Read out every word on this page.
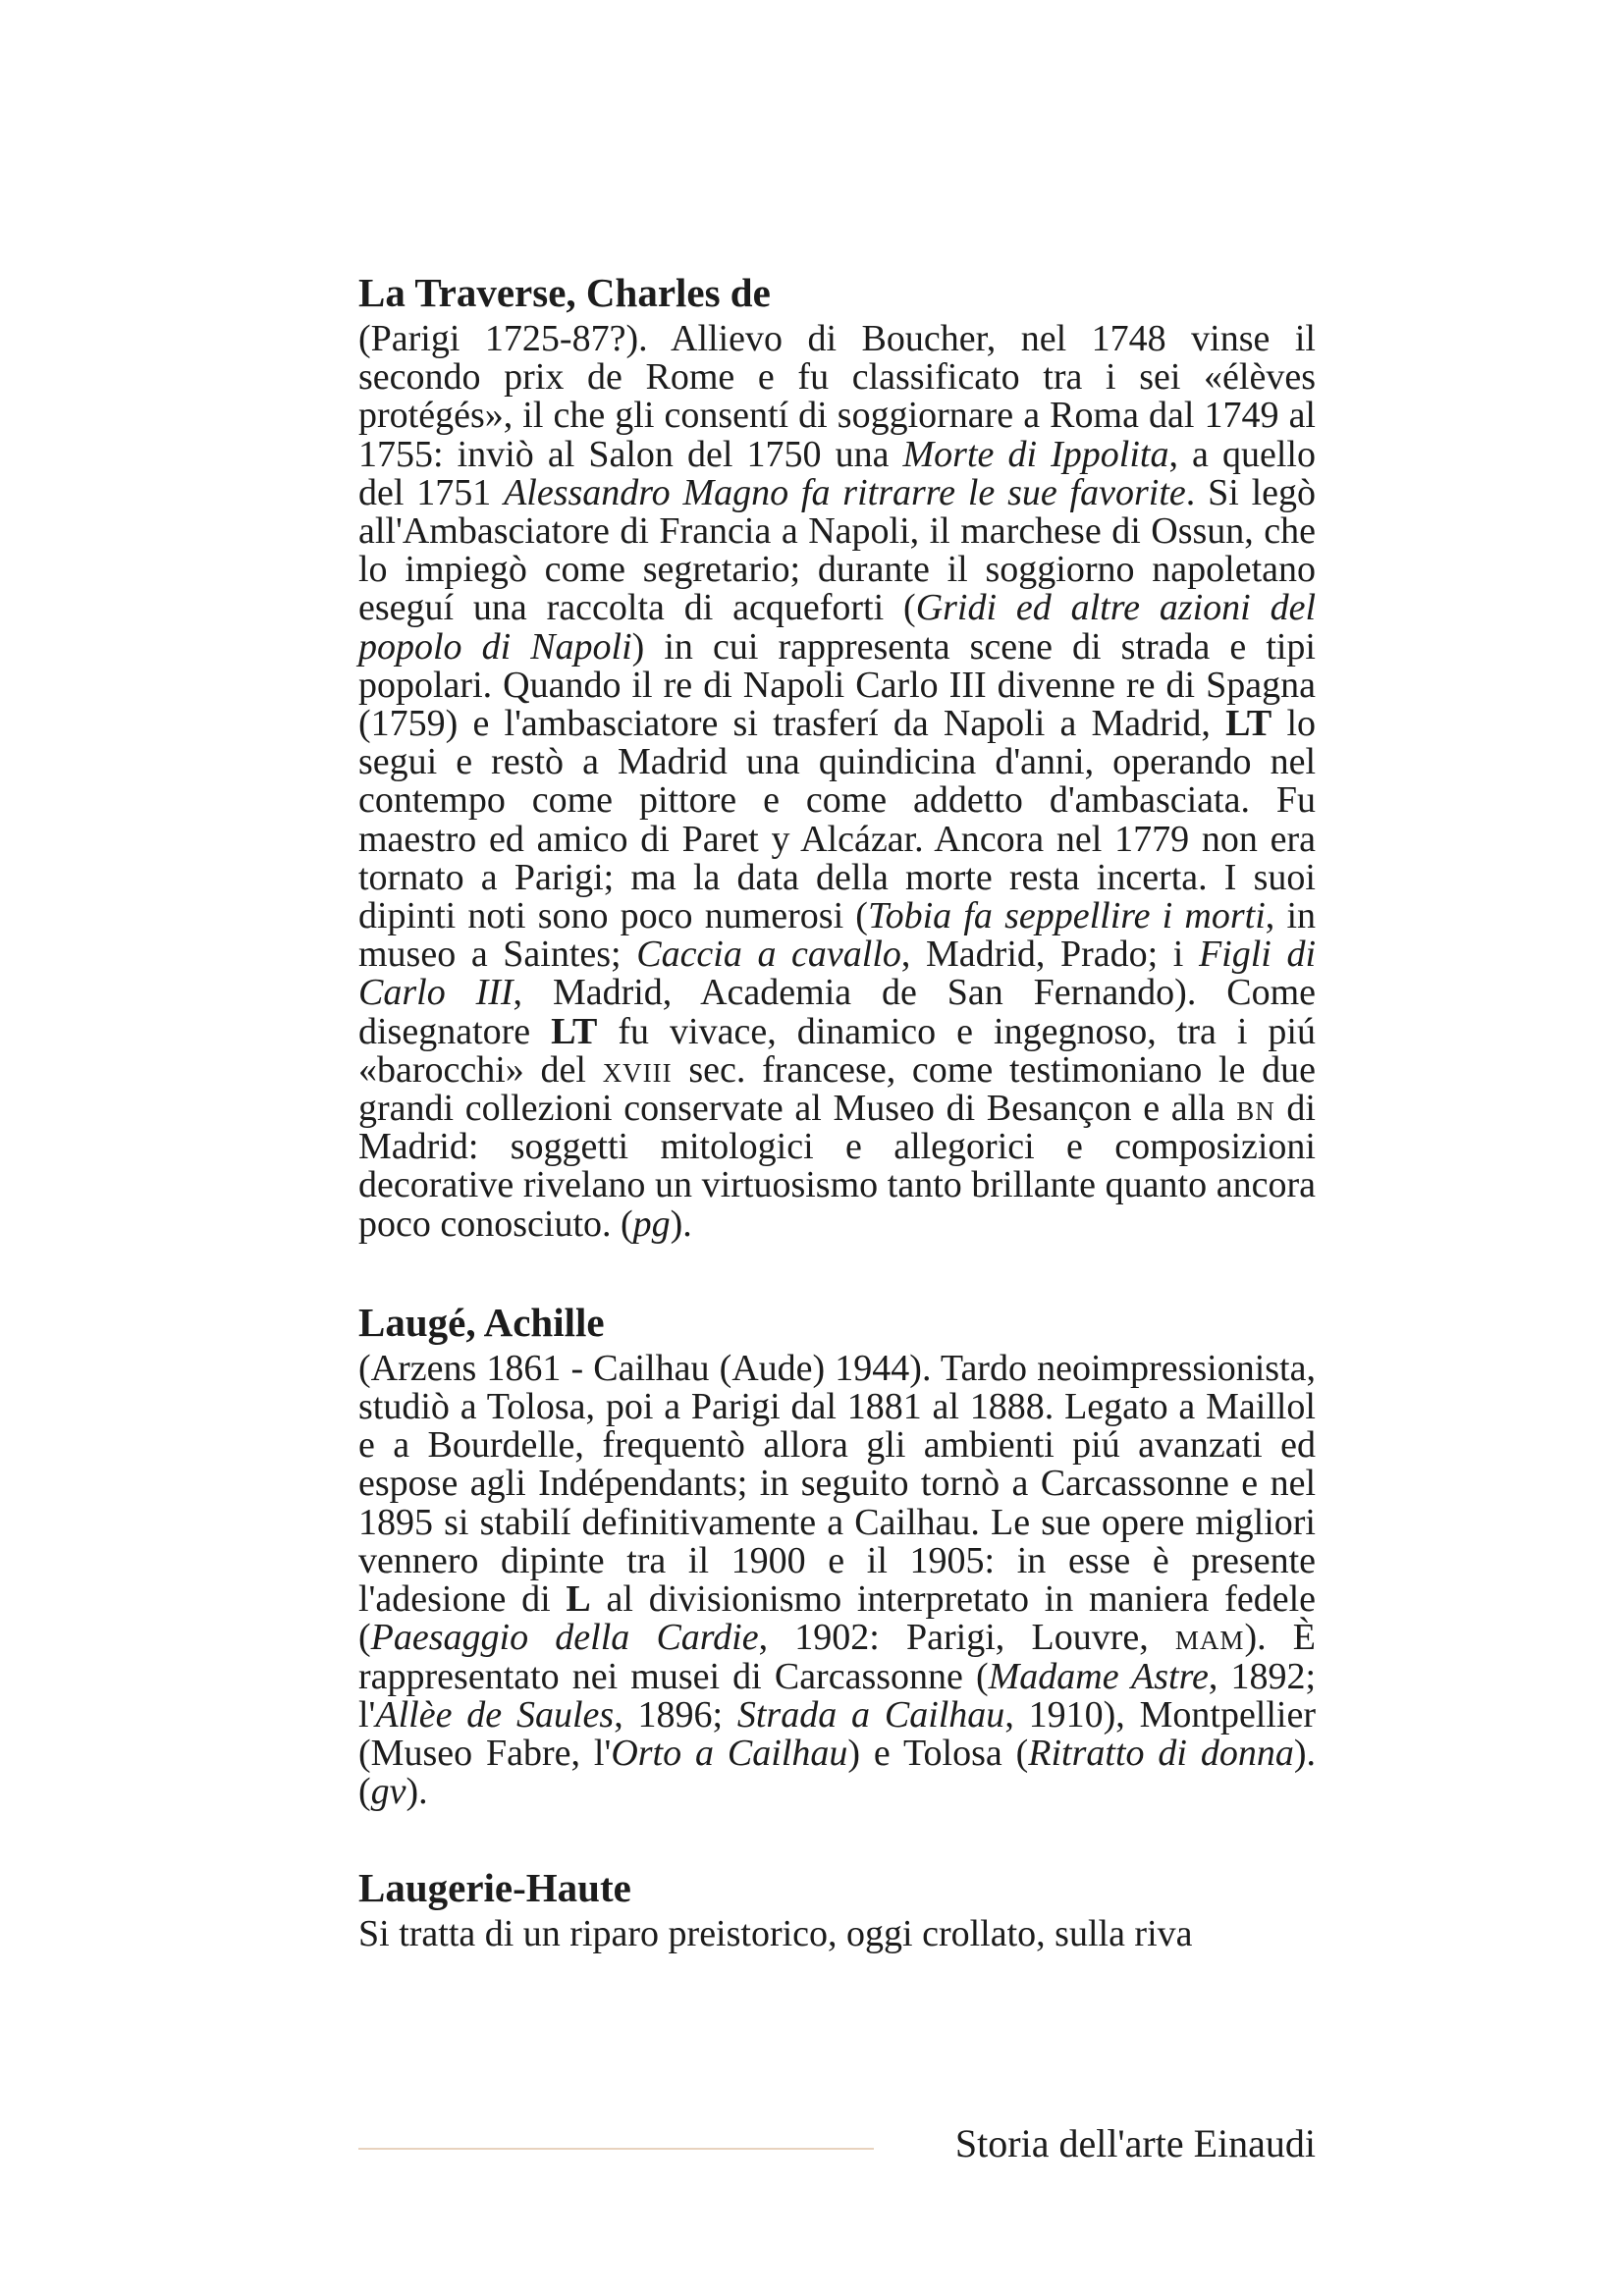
La Traverse, Charles de

(Parigi 1725-87?). Allievo di Boucher, nel 1748 vinse il secondo prix de Rome e fu classificato tra i sei «élèves protégés», il che gli consentí di soggiornare a Roma dal 1749 al 1755: inviò al Salon del 1750 una Morte di Ippolita, a quello del 1751 Alessandro Magno fa ritrarre le sue favorite. Si legò all'Ambasciatore di Francia a Napoli, il marchese di Ossun, che lo impiegò come segretario; durante il soggiorno napoletano eseguí una raccolta di acqueforti (Gridi ed altre azioni del popolo di Napoli) in cui rappresenta scene di strada e tipi popolari. Quando il re di Napoli Carlo III divenne re di Spagna (1759) e l'ambasciatore si trasferí da Napoli a Madrid, LT lo segui e restò a Madrid una quindicina d'anni, operando nel contempo come pittore e come addetto d'ambasciata. Fu maestro ed amico di Paret y Alcázar. Ancora nel 1779 non era tornato a Parigi; ma la data della morte resta incerta. I suoi dipinti noti sono poco numerosi (Tobia fa seppellire i morti, in museo a Saintes; Caccia a cavallo, Madrid, Prado; i Figli di Carlo III, Madrid, Academia de San Fernando). Come disegnatore LT fu vivace, dinamico e ingegnoso, tra i piú «barocchi» del xviii sec. francese, come testimoniano le due grandi collezioni conservate al Museo di Besançon e alla bn di Madrid: soggetti mitologici e allegorici e composizioni decorative rivelano un virtuosismo tanto brillante quanto ancora poco conosciuto. (pg).

Laugé, Achille

(Arzens 1861 - Cailhau (Aude) 1944). Tardo neoimpressionista, studiò a Tolosa, poi a Parigi dal 1881 al 1888. Legato a Maillol e a Bourdelle, frequentò allora gli ambienti piú avanzati ed espose agli Indépendants; in seguito tornò a Carcassonne e nel 1895 si stabilí definitivamente a Cailhau. Le sue opere migliori vennero dipinte tra il 1900 e il 1905: in esse è presente l'adesione di L al divisionismo interpretato in maniera fedele (Paesaggio della Cardie, 1902: Parigi, Louvre, mam). È rappresentato nei musei di Carcassonne (Madame Astre, 1892; l'Allèe de Saules, 1896; Strada a Cailhau, 1910), Montpellier (Museo Fabre, l'Orto a Cailhau) e Tolosa (Ritratto di donna). (gv).

Laugerie-Haute

Si tratta di un riparo preistorico, oggi crollato, sulla riva

Storia dell'arte Einaudi
